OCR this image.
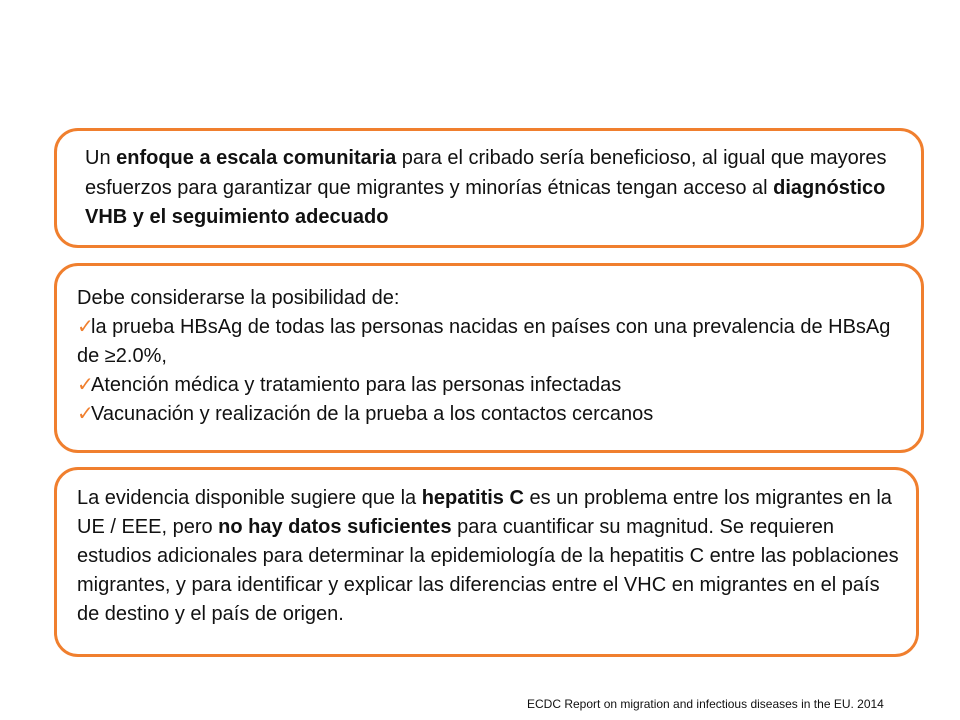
Un enfoque a escala comunitaria para el cribado sería beneficioso, al igual que mayores esfuerzos para garantizar que migrantes y minorías étnicas tengan acceso al diagnóstico VHB y el seguimiento adecuado
Debe considerarse la posibilidad de:
✓la prueba HBsAg de todas las personas nacidas en países con una prevalencia de HBsAg de ≥2.0%,
✓Atención médica y tratamiento para las personas infectadas
✓Vacunación y realización de la prueba a los contactos cercanos
La evidencia disponible sugiere que la hepatitis C es un problema entre los migrantes en la UE / EEE, pero no hay datos suficientes para cuantificar su magnitud. Se requieren estudios adicionales para determinar la epidemiología de la hepatitis C entre las poblaciones migrantes, y para identificar y explicar las diferencias entre el VHC en migrantes en el país de destino y el país de origen.
ECDC Report on migration and infectious diseases in the EU. 2014
